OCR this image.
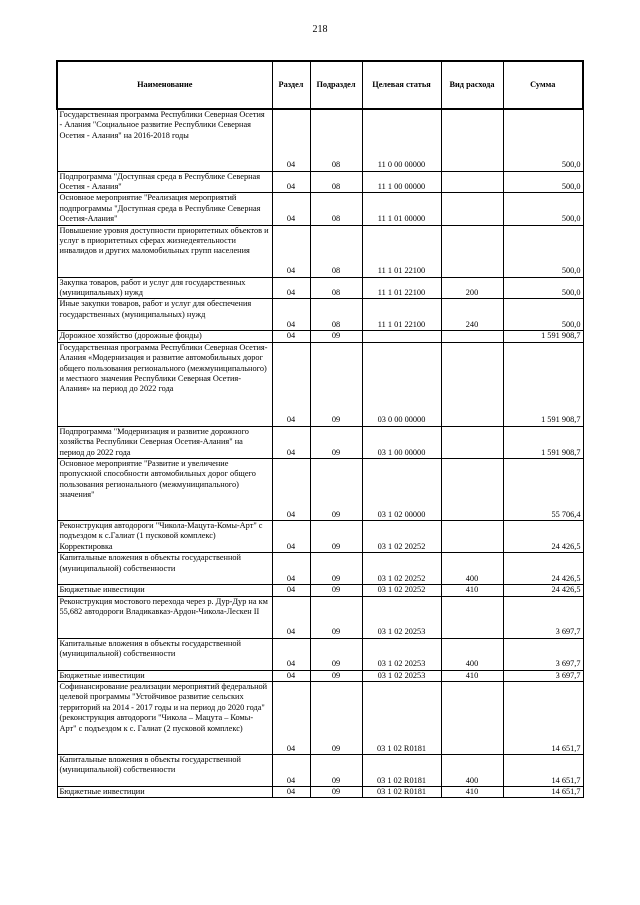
218
Наименование	Раздел	Подраздел	Целевая статья	Вид расхода	Сумма
Государственная программа Республики Северная Осетия - Алания "Социальное развитие Республики Северная Осетия - Алания" на 2016-2018 годы	04	08	11 0 00 00000		500,0
Подпрограмма "Доступная среда в Республике Северная Осетия - Алания"	04	08	11 1 00 00000		500,0
Основное мероприятие "Реализация мероприятий подпрограммы "Доступная среда в Республике Северная Осетия-Алания"	04	08	11 1 01 00000		500,0
Повышение уровня доступности приоритетных объектов и услуг в приоритетных сферах жизнедеятельности инвалидов и других маломобильных групп населения	04	08	11 1 01 22100		500,0
Закупка товаров, работ и услуг для государственных (муниципальных) нужд	04	08	11 1 01 22100	200	500,0
Иные закупки товаров, работ и услуг для обеспечения государственных (муниципальных) нужд	04	08	11 1 01 22100	240	500,0
Дорожное хозяйство (дорожные фонды)	04	09			1 591 908,7
Государственная программа Республики Северная Осетия-Алания «Модернизация и развитие автомобильных дорог общего пользования регионального (межмуниципального) и местного значения Республики Северная Осетия-Алания» на период до 2022 года	04	09	03 0 00 00000		1 591 908,7
Подпрограмма "Модернизация и развитие дорожного хозяйства Республики Северная Осетия-Алания" на период до 2022 года	04	09	03 1 00 00000		1 591 908,7
Основное мероприятие "Развитие и увеличение пропускной способности автомобильных дорог общего пользования регионального (межмуниципального) значения"	04	09	03 1 02 00000		55 706,4
Реконструкция автодороги "Чикола-Мацута-Комы-Арт" с подъездом к с.Галиат (1 пусковой комплекс) Корректировка	04	09	03 1 02 20252		24 426,5
Капитальные вложения в объекты государственной (муниципальной) собственности	04	09	03 1 02 20252	400	24 426,5
Бюджетные инвестиции	04	09	03 1 02 20252	410	24 426,5
Реконструкция мостового перехода через р. Дур-Дур на км 55,682 автодороги Владикавказ-Ардон-Чикола-Лескен II	04	09	03 1 02 20253		3 697,7
Капитальные вложения в объекты государственной (муниципальной) собственности	04	09	03 1 02 20253	400	3 697,7
Бюджетные инвестиции	04	09	03 1 02 20253	410	3 697,7
Софинансирование реализации мероприятий федеральной целевой программы "Устойчивое развитие сельских территорий на 2014 - 2017 годы и на период до 2020 года" (реконструкция автодороги "Чикола – Мацута – Комы-Арт" с подъездом к с. Галиат (2 пусковой комплекс)	04	09	03 1 02 R0181		14 651,7
Капитальные вложения в объекты государственной (муниципальной) собственности	04	09	03 1 02 R0181	400	14 651,7
Бюджетные инвестиции	04	09	03 1 02 R0181	410	14 651,7
